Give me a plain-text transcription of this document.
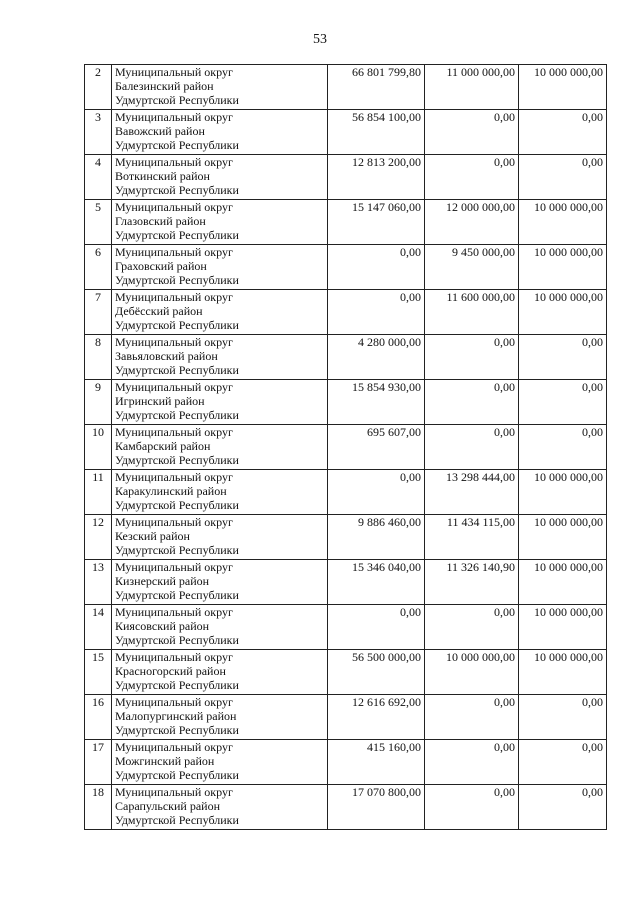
53
2	Муниципальный округ
Балезинский район
Удмуртской Республики	66 801 799,80	11 000 000,00	10 000 000,00
3	Муниципальный округ
Вавожский район
Удмуртской Республики	56 854 100,00	0,00	0,00
4	Муниципальный округ
Воткинский район
Удмуртской Республики	12 813 200,00	0,00	0,00
5	Муниципальный округ
Глазовский район
Удмуртской Республики	15 147 060,00	12 000 000,00	10 000 000,00
6	Муниципальный округ
Граховский район
Удмуртской Республики	0,00	9 450 000,00	10 000 000,00
7	Муниципальный округ
Дебёсский район
Удмуртской Республики	0,00	11 600 000,00	10 000 000,00
8	Муниципальный округ
Завьяловский район
Удмуртской Республики	4 280 000,00	0,00	0,00
9	Муниципальный округ
Игринский район
Удмуртской Республики	15 854 930,00	0,00	0,00
10	Муниципальный округ
Камбарский район
Удмуртской Республики	695 607,00	0,00	0,00
11	Муниципальный округ
Каракулинский район
Удмуртской Республики	0,00	13 298 444,00	10 000 000,00
12	Муниципальный округ
Кезский район
Удмуртской Республики	9 886 460,00	11 434 115,00	10 000 000,00
13	Муниципальный округ
Кизнерский район
Удмуртской Республики	15 346 040,00	11 326 140,90	10 000 000,00
14	Муниципальный округ
Киясовский район
Удмуртской Республики	0,00	0,00	10 000 000,00
15	Муниципальный округ
Красногорский район
Удмуртской Республики	56 500 000,00	10 000 000,00	10 000 000,00
16	Муниципальный округ
Малопургинский район
Удмуртской Республики	12 616 692,00	0,00	0,00
17	Муниципальный округ
Можгинский район
Удмуртской Республики	415 160,00	0,00	0,00
18	Муниципальный округ
Сарапульский район
Удмуртской Республики	17 070 800,00	0,00	0,00
